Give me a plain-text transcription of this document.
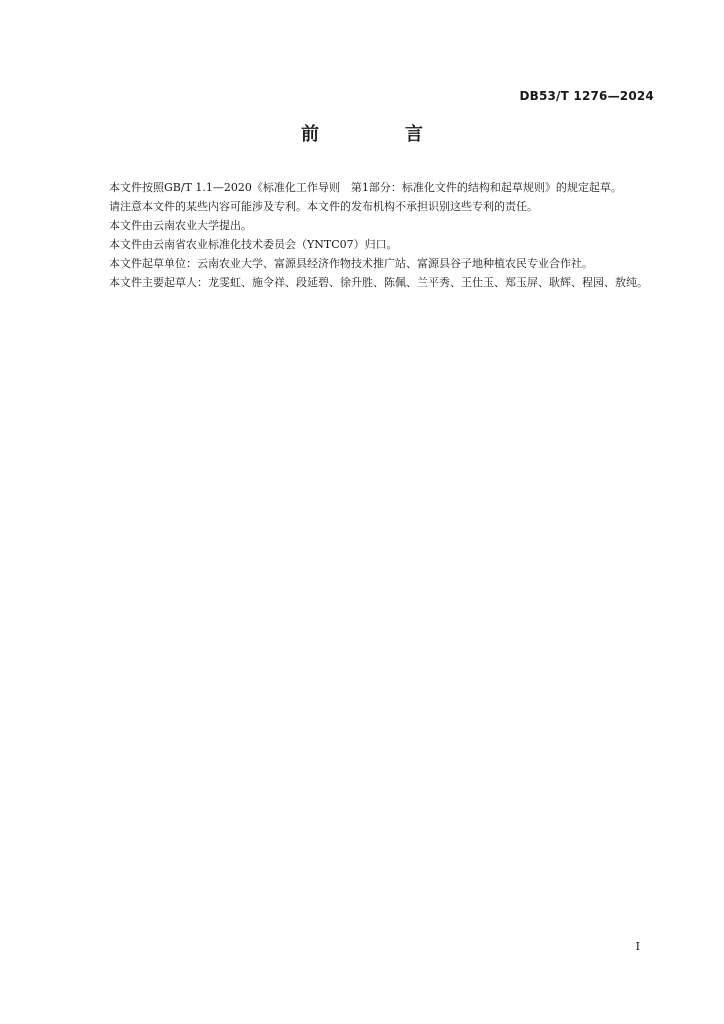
DB53/T 1276—2024
前　言

本文件按照GB/T 1.1—2020《标准化工作导则　第1部分：标准化文件的结构和起草规则》的规定起草。

请注意本文件的某些内容可能涉及专利。本文件的发布机构不承担识别这些专利的责任。

本文件由云南农业大学提出。

本文件由云南省农业标准化技术委员会（YNTC07）归口。

本文件起草单位：云南农业大学、富源县经济作物技术推广站、富源县谷子地种植农民专业合作社。

本文件主要起草人：龙雯虹、施令祥、段延碧、徐升胜、陈佩、兰平秀、王仕玉、郑玉屏、耿辉、程园、敖纯。

I
